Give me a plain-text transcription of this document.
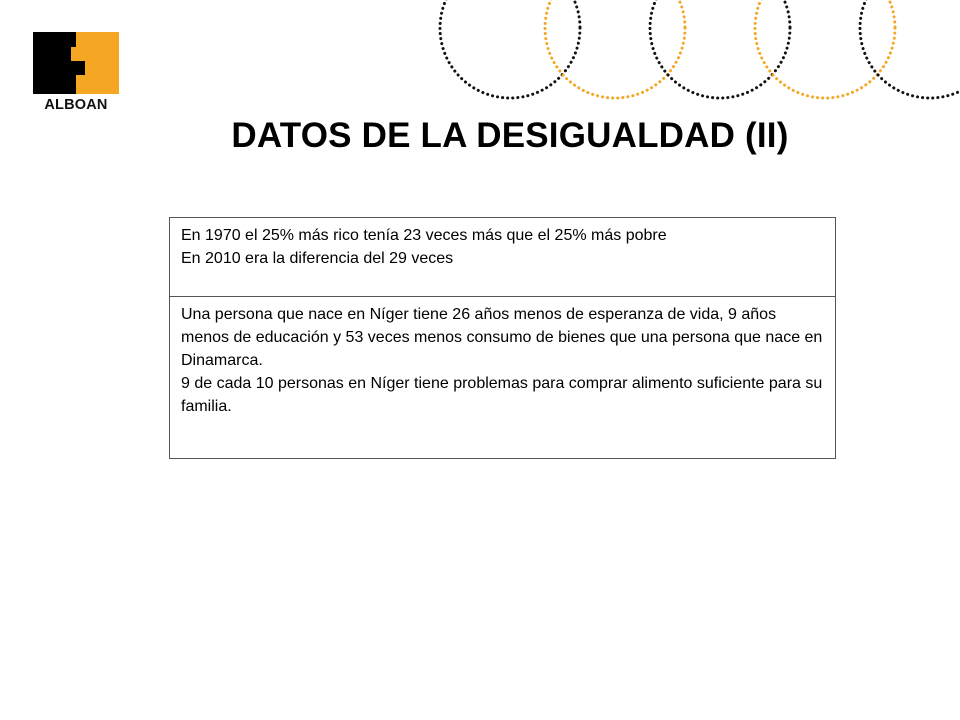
ALBOAN
DATOS DE LA DESIGUALDAD (II)
En 1970 el 25% más rico tenía 23 veces más que el 25% más pobre
En 2010 era la diferencia del 29 veces

Una persona que nace en Níger tiene 26 años menos de esperanza de vida, 9 años menos de educación y 53 veces menos consumo de bienes que una persona que nace en Dinamarca.
9 de cada 10 personas en Níger tiene problemas para comprar alimento suficiente para su familia.
